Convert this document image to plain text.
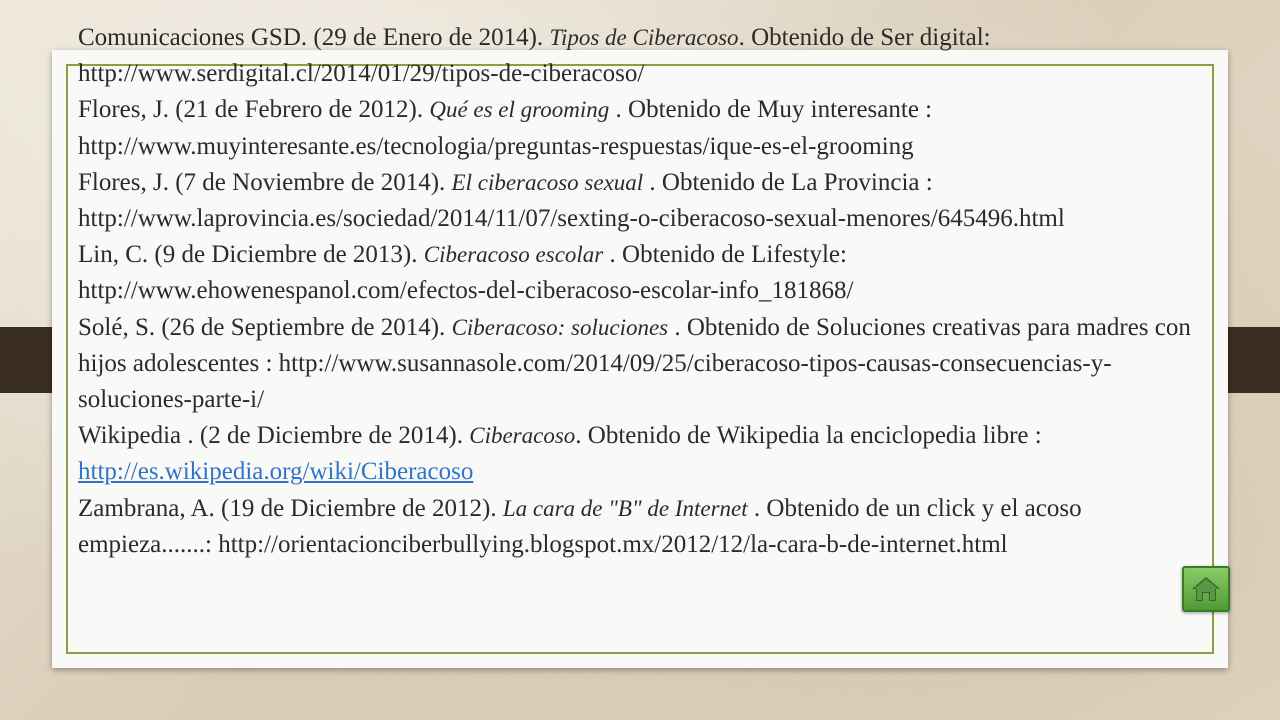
Comunicaciones GSD. (29 de Enero de 2014). Tipos de Ciberacoso. Obtenido de Ser digital: http://www.serdigital.cl/2014/01/29/tipos-de-ciberacoso/
Flores, J. (21 de Febrero de 2012). Qué es el grooming . Obtenido de Muy interesante : http://www.muyinteresante.es/tecnologia/preguntas-respuestas/ique-es-el-grooming
Flores, J. (7 de Noviembre de 2014). El ciberacoso sexual . Obtenido de La Provincia : http://www.laprovincia.es/sociedad/2014/11/07/sexting-o-ciberacoso-sexual-menores/645496.html
Lin, C. (9 de Diciembre de 2013). Ciberacoso escolar . Obtenido de Lifestyle: http://www.ehowenespanol.com/efectos-del-ciberacoso-escolar-info_181868/
Solé, S. (26 de Septiembre de 2014). Ciberacoso: soluciones . Obtenido de Soluciones creativas para madres con hijos adolescentes : http://www.susannasole.com/2014/09/25/ciberacoso-tipos-causas-consecuencias-y-soluciones-parte-i/
Wikipedia . (2 de Diciembre de 2014). Ciberacoso. Obtenido de Wikipedia la enciclopedia libre : http://es.wikipedia.org/wiki/Ciberacoso
Zambrana, A. (19 de Diciembre de 2012). La cara de "B" de Internet . Obtenido de un click y el acoso empieza.......: http://orientacionciberbullying.blogspot.mx/2012/12/la-cara-b-de-internet.html
